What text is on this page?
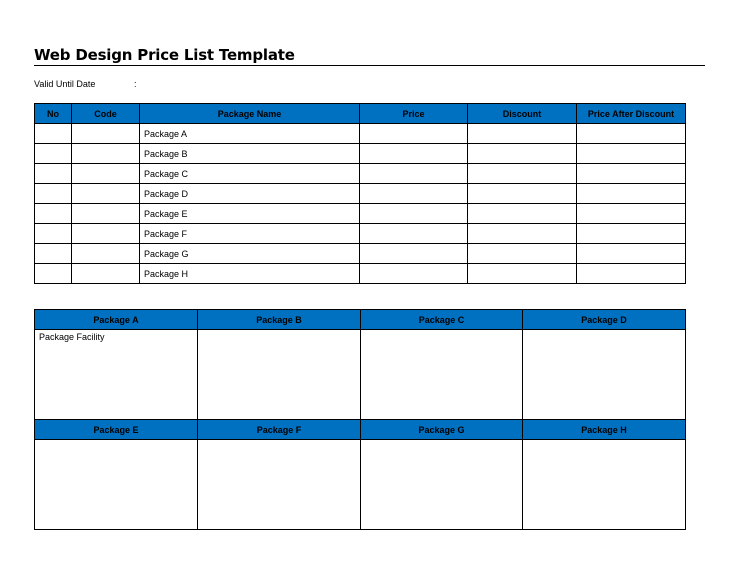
Web Design Price List Template
Valid Until Date	:
No	Code	Package Name	Price	Discount	Price After Discount
		Package A			
		Package B			
		Package C			
		Package D			
		Package E			
		Package F			
		Package G			
		Package H			
Package A	Package B	Package C	Package D
Package Facility			
Package E	Package F	Package G	Package H
